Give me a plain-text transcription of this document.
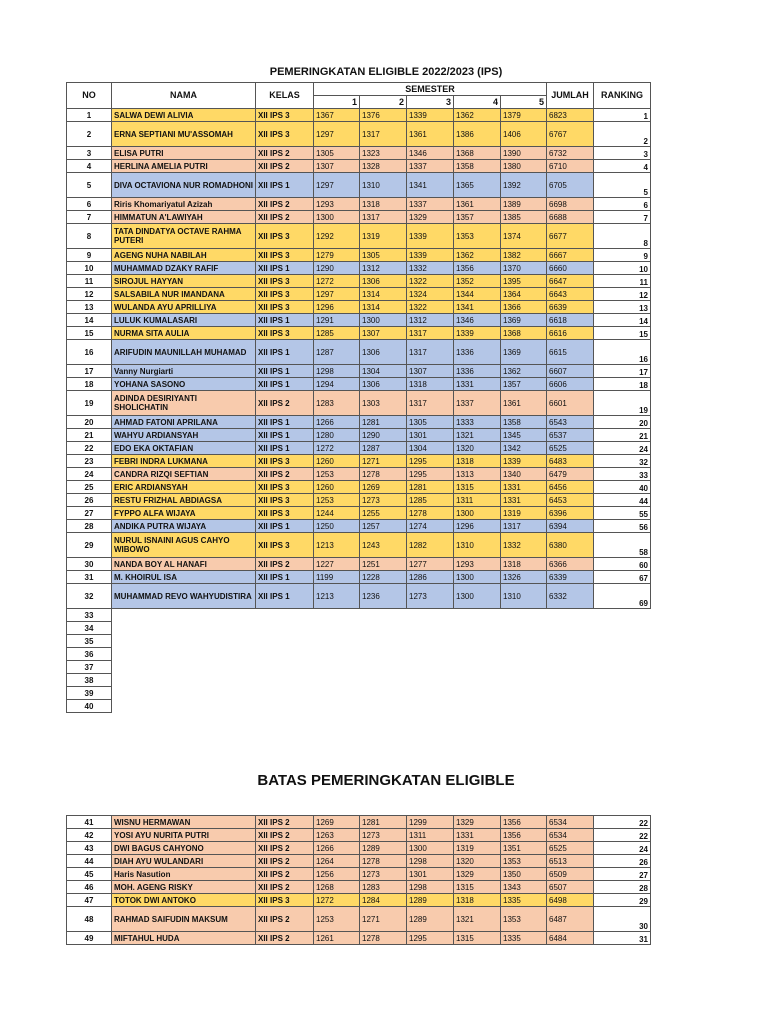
PEMERINGKATAN ELIGIBLE 2022/2023 (IPS)
NO	NAMA	KELAS	SEMESTER					JUMLAH	RANKING
			1	2	3	4	5		
1	SALWA DEWI ALIVIA	XII IPS 3	1367	1376	1339	1362	1379	6823	1
2	ERNA SEPTIANI MU'ASSOMAH	XII IPS 3	1297	1317	1361	1386	1406	6767	2
3	ELISA PUTRI	XII IPS 2	1305	1323	1346	1368	1390	6732	3
4	HERLINA AMELIA PUTRI	XII IPS 2	1307	1328	1337	1358	1380	6710	4
5	DIVA OCTAVIONA NUR ROMADHONI	XII IPS 1	1297	1310	1341	1365	1392	6705	5
6	Riris Khomariyatul Azizah	XII IPS 2	1293	1318	1337	1361	1389	6698	6
7	HIMMATUN A'LAWIYAH	XII IPS 2	1300	1317	1329	1357	1385	6688	7
8	TATA DINDATYA OCTAVE RAHMA PUTERI	XII IPS 3	1292	1319	1339	1353	1374	6677	8
9	AGENG NUHA NABILAH	XII IPS 3	1279	1305	1339	1362	1382	6667	9
10	MUHAMMAD DZAKY RAFIF	XII IPS 1	1290	1312	1332	1356	1370	6660	10
11	SIROJUL HAYYAN	XII IPS 3	1272	1306	1322	1352	1395	6647	11
12	SALSABILA NUR IMANDANA	XII IPS 3	1297	1314	1324	1344	1364	6643	12
13	WULANDA AYU APRILLIYA	XII IPS 3	1296	1314	1322	1341	1366	6639	13
14	LULUK KUMALASARI	XII IPS 1	1291	1300	1312	1346	1369	6618	14
15	NURMA SITA AULIA	XII IPS 3	1285	1307	1317	1339	1368	6616	15
16	ARIFUDIN MAUNILLAH MUHAMAD	XII IPS 1	1287	1306	1317	1336	1369	6615	16
17	Vanny Nurgiarti	XII IPS 1	1298	1304	1307	1336	1362	6607	17
18	YOHANA SASONO	XII IPS 1	1294	1306	1318	1331	1357	6606	18
19	ADINDA DESIRIYANTI SHOLICHATIN	XII IPS 2	1283	1303	1317	1337	1361	6601	19
20	AHMAD FATONI APRILANA	XII IPS 1	1266	1281	1305	1333	1358	6543	20
21	WAHYU ARDIANSYAH	XII IPS 1	1280	1290	1301	1321	1345	6537	21
22	EDO EKA OKTAFIAN	XII IPS 1	1272	1287	1304	1320	1342	6525	24
23	FEBRI INDRA LUKMANA	XII IPS 3	1260	1271	1295	1318	1339	6483	32
24	CANDRA RIZQI SEFTIAN	XII IPS 2	1253	1278	1295	1313	1340	6479	33
25	ERIC ARDIANSYAH	XII IPS 3	1260	1269	1281	1315	1331	6456	40
26	RESTU FRIZHAL ABDIAGSA	XII IPS 3	1253	1273	1285	1311	1331	6453	44
27	FYPPO ALFA WIJAYA	XII IPS 3	1244	1255	1278	1300	1319	6396	55
28	ANDIKA PUTRA WIJAYA	XII IPS 1	1250	1257	1274	1296	1317	6394	56
29	NURUL ISNAINI AGUS CAHYO WIBOWO	XII IPS 3	1213	1243	1282	1310	1332	6380	58
30	NANDA BOY AL HANAFI	XII IPS 2	1227	1251	1277	1293	1318	6366	60
31	M. KHOIRUL ISA	XII IPS 1	1199	1228	1286	1300	1326	6339	67
32	MUHAMMAD REVO WAHYUDISTIRA	XII IPS 1	1213	1236	1273	1300	1310	6332	69
33									
34									
35									
36									
37									
38									
39									
40									
BATAS PEMERINGKATAN ELIGIBLE
41	WISNU HERMAWAN	XII IPS 2	1269	1281	1299	1329	1356	6534	22
42	YOSI AYU NURITA PUTRI	XII IPS 2	1263	1273	1311	1331	1356	6534	22
43	DWI BAGUS CAHYONO	XII IPS 2	1266	1289	1300	1319	1351	6525	24
44	DIAH AYU WULANDARI	XII IPS 2	1264	1278	1298	1320	1353	6513	26
45	Haris Nasution	XII IPS 2	1256	1273	1301	1329	1350	6509	27
46	MOH. AGENG RISKY	XII IPS 2	1268	1283	1298	1315	1343	6507	28
47	TOTOK DWI ANTOKO	XII IPS 3	1272	1284	1289	1318	1335	6498	29
48	RAHMAD SAIFUDIN MAKSUM	XII IPS 2	1253	1271	1289	1321	1353	6487	30
49	MIFTAHUL HUDA	XII IPS 2	1261	1278	1295	1315	1335	6484	31
